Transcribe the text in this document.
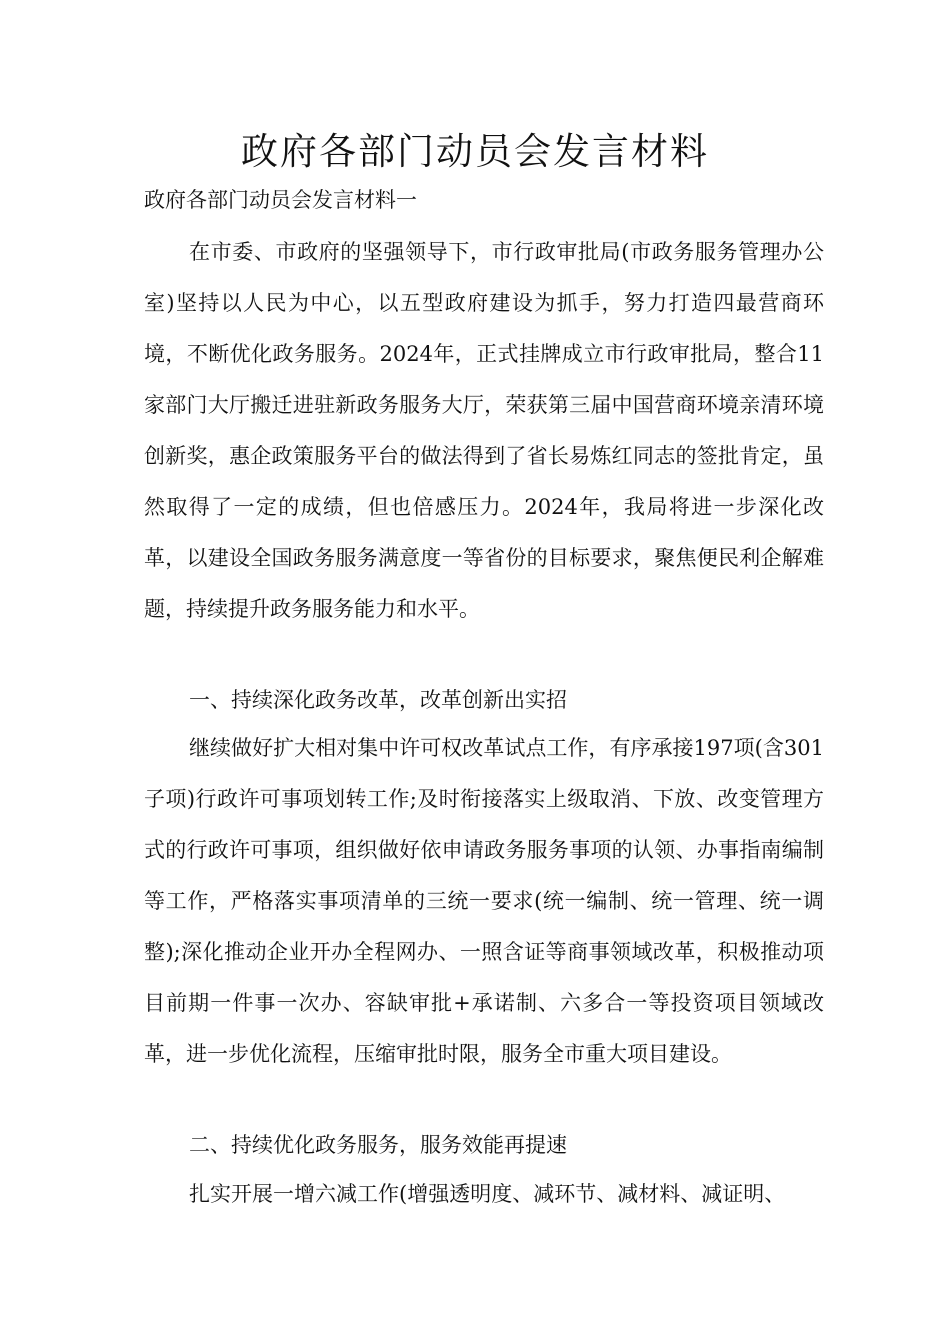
政府各部门动员会发言材料
政府各部门动员会发言材料一

在市委、市政府的坚强领导下，市行政审批局(市政务服务管理办公室)坚持以人民为中心，以五型政府建设为抓手，努力打造四最营商环境，不断优化政务服务。2024年，正式挂牌成立市行政审批局，整合11家部门大厅搬迁进驻新政务服务大厅，荣获第三届中国营商环境亲清环境创新奖，惠企政策服务平台的做法得到了省长易炼红同志的签批肯定，虽然取得了一定的成绩，但也倍感压力。2024年，我局将进一步深化改革，以建设全国政务服务满意度一等省份的目标要求，聚焦便民利企解难题，持续提升政务服务能力和水平。

一、持续深化政务改革，改革创新出实招

继续做好扩大相对集中许可权改革试点工作，有序承接197项(含301子项)行政许可事项划转工作;及时衔接落实上级取消、下放、改变管理方式的行政许可事项，组织做好依申请政务服务事项的认领、办事指南编制等工作，严格落实事项清单的三统一要求(统一编制、统一管理、统一调整);深化推动企业开办全程网办、一照含证等商事领域改革，积极推动项目前期一件事一次办、容缺审批+承诺制、六多合一等投资项目领域改革，进一步优化流程，压缩审批时限，服务全市重大项目建设。

二、持续优化政务服务，服务效能再提速

扎实开展一增六减工作(增强透明度、减环节、减材料、减证明、
